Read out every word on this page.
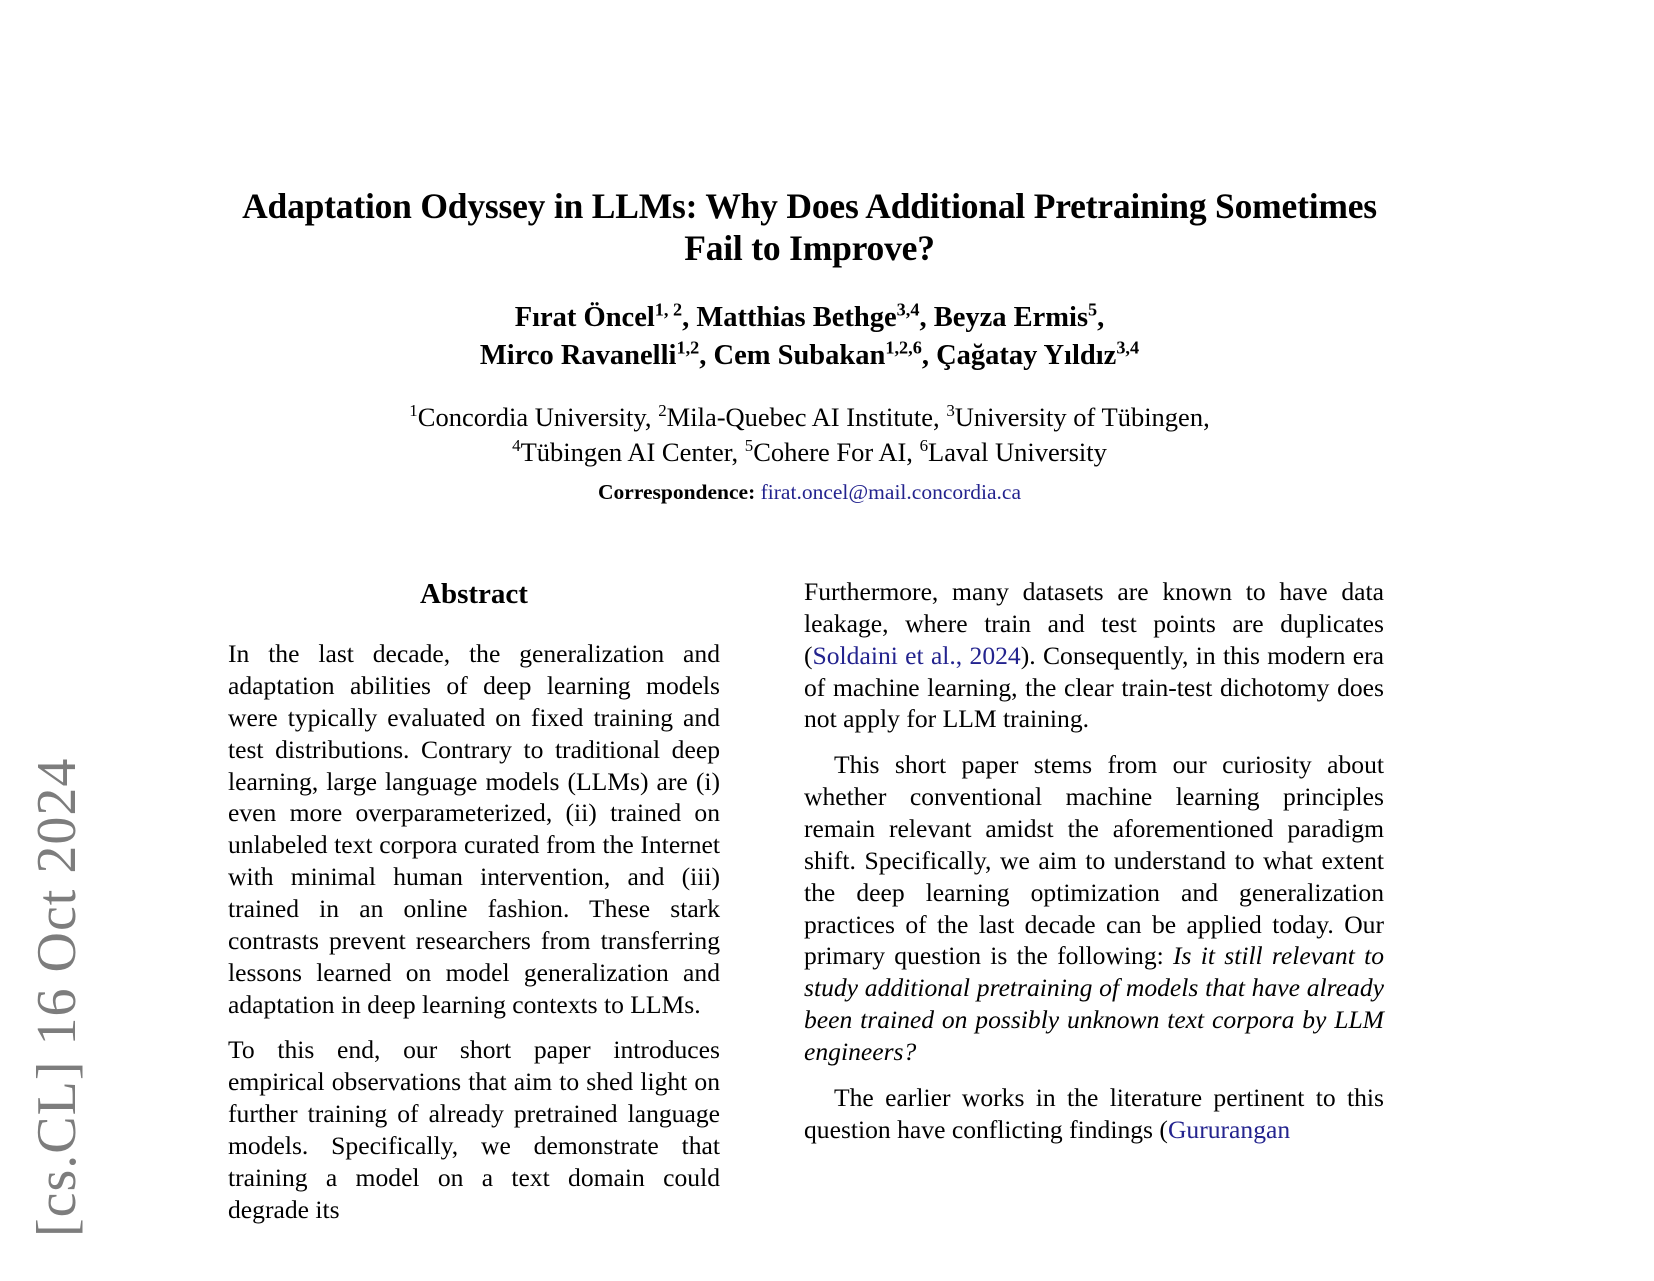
[cs.CL] 16 Oct 2024
Adaptation Odyssey in LLMs: Why Does Additional Pretraining Sometimes Fail to Improve?
Fırat Öncel$^{1, 2}$, Matthias Bethge$^{3,4}$, Beyza Ermis$^5$,
Mirco Ravanelli$^{1,2}$, Cem Subakan$^{1,2,6}$, Çağatay Yıldız$^{3,4}$
$^1$Concordia University, $^2$Mila-Quebec AI Institute, $^3$University of Tübingen,
$^4$Tübingen AI Center, $^5$Cohere For AI, $^6$Laval University
Correspondence: firat.oncel@mail.concordia.ca
Abstract

In the last decade, the generalization and adaptation abilities of deep learning models were typically evaluated on fixed training and test distributions. Contrary to traditional deep learning, large language models (LLMs) are (i) even more overparameterized, (ii) trained on unlabeled text corpora curated from the Internet with minimal human intervention, and (iii) trained in an online fashion. These stark contrasts prevent researchers from transferring lessons learned on model generalization and adaptation in deep learning contexts to LLMs.

To this end, our short paper introduces empirical observations that aim to shed light on further training of already pretrained language models. Specifically, we demonstrate that training a model on a text domain could degrade its

Furthermore, many datasets are known to have data leakage, where train and test points are duplicates (Soldaini et al., 2024). Consequently, in this modern era of machine learning, the clear train-test dichotomy does not apply for LLM training.

This short paper stems from our curiosity about whether conventional machine learning principles remain relevant amidst the aforementioned paradigm shift. Specifically, we aim to understand to what extent the deep learning optimization and generalization practices of the last decade can be applied today. Our primary question is the following: Is it still relevant to study additional pretraining of models that have already been trained on possibly unknown text corpora by LLM engineers?

The earlier works in the literature pertinent to this question have conflicting findings (Gururangan
